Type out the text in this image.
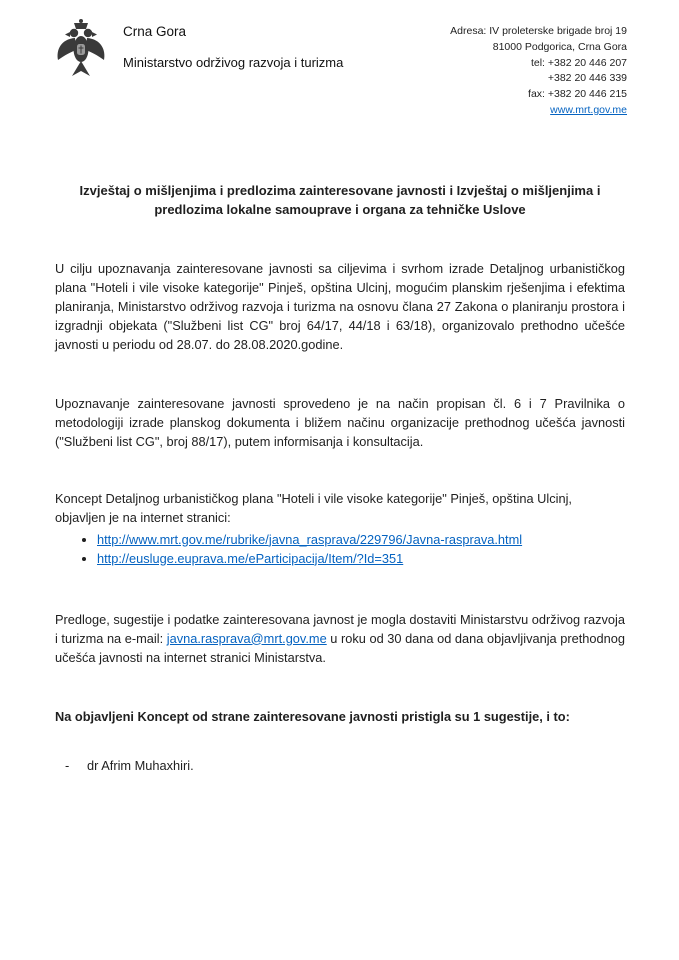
Crna Gora
Ministarstvo održivog razvoja i turizma
Adresa: IV proleterske brigade broj 19
81000 Podgorica, Crna Gora
tel: +382 20 446 207
+382 20 446 339
fax: +382 20 446 215
www.mrt.gov.me
Izvještaj o mišljenjima i predlozima zainteresovane javnosti i Izvještaj o mišljenjima i predlozima lokalne samouprave i organa za tehničke Uslove

U cilju upoznavanja zainteresovane javnosti sa ciljevima i svrhom izrade Detaljnog urbanističkog plana "Hoteli i vile visoke kategorije" Pinješ, opština Ulcinj, mogućim planskim rješenjima i efektima planiranja, Ministarstvo održivog razvoja i turizma na osnovu člana 27 Zakona o planiranju prostora i izgradnji objekata ("Službeni list CG" broj 64/17, 44/18 i 63/18), organizovalo prethodno učešće javnosti u periodu od 28.07. do 28.08.2020.godine.

Upoznavanje zainteresovane javnosti sprovedeno je na način propisan čl. 6 i 7 Pravilnika o metodologiji izrade planskog dokumenta i bližem načinu organizacije prethodnog učešća javnosti ("Službeni list CG", broj 88/17), putem informisanja i konsultacija.

Koncept Detaljnog urbanističkog plana "Hoteli i vile visoke kategorije" Pinješ, opština Ulcinj, objavljen je na internet stranici:

• http://www.mrt.gov.me/rubrike/javna_rasprava/229796/Javna-rasprava.html
• http://eusluge.euprava.me/eParticipacija/Item/?Id=351

Predloge, sugestije i podatke zainteresovana javnost je mogla dostaviti Ministarstvu održivog razvoja i turizma na e-mail: javna.rasprava@mrt.gov.me u roku od 30 dana od dana objavljivanja prethodnog učešća javnosti na internet stranici Ministarstva.

Na objavljeni Koncept od strane zainteresovane javnosti pristigla su 1 sugestije, i to:

-	dr Afrim Muhaxhiri.
